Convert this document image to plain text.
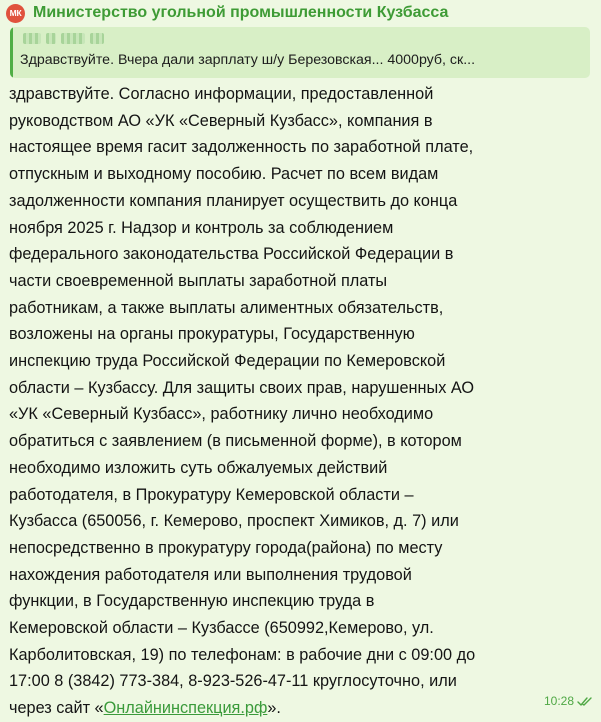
МК Министерство угольной промышленности Кузбасса
Здравствуйте. Вчера дали зарплату ш/у Березовская... 4000руб, ск...

здравствуйте. Согласно информации, предоставленной
руководством АО «УК «Северный Кузбасс», компания в
настоящее время гасит задолженность по заработной плате,
отпускным и выходному пособию. Расчет по всем видам
задолженности компания планирует осуществить до конца
ноября 2025 г. Надзор и контроль за соблюдением
федерального законодательства Российской Федерации в
части своевременной выплаты заработной платы
работникам, а также выплаты алиментных обязательств,
возложены на органы прокуратуры, Государственную
инспекцию труда Российской Федерации по Кемеровской
области – Кузбассу. Для защиты своих прав, нарушенных АО
«УК «Северный Кузбасс», работнику лично необходимо
обратиться с заявлением (в письменной форме), в котором
необходимо изложить суть обжалуемых действий
работодателя, в Прокуратуру Кемеровской области –
Кузбасса (650056, г. Кемерово, проспект Химиков, д. 7) или
непосредственно в прокуратуру города(района) по месту
нахождения работодателя или выполнения трудовой
функции, в Государственную инспекцию труда в
Кемеровской области – Кузбассе (650992,Кемерово, ул.
Карболитовская, 19) по телефонам: в рабочие дни с 09:00 до
17:00 8 (3842) 773-384, 8-923-526-47-11 круглосуточно, или
через сайт «Онлайнинспекция.рф».	10:28
